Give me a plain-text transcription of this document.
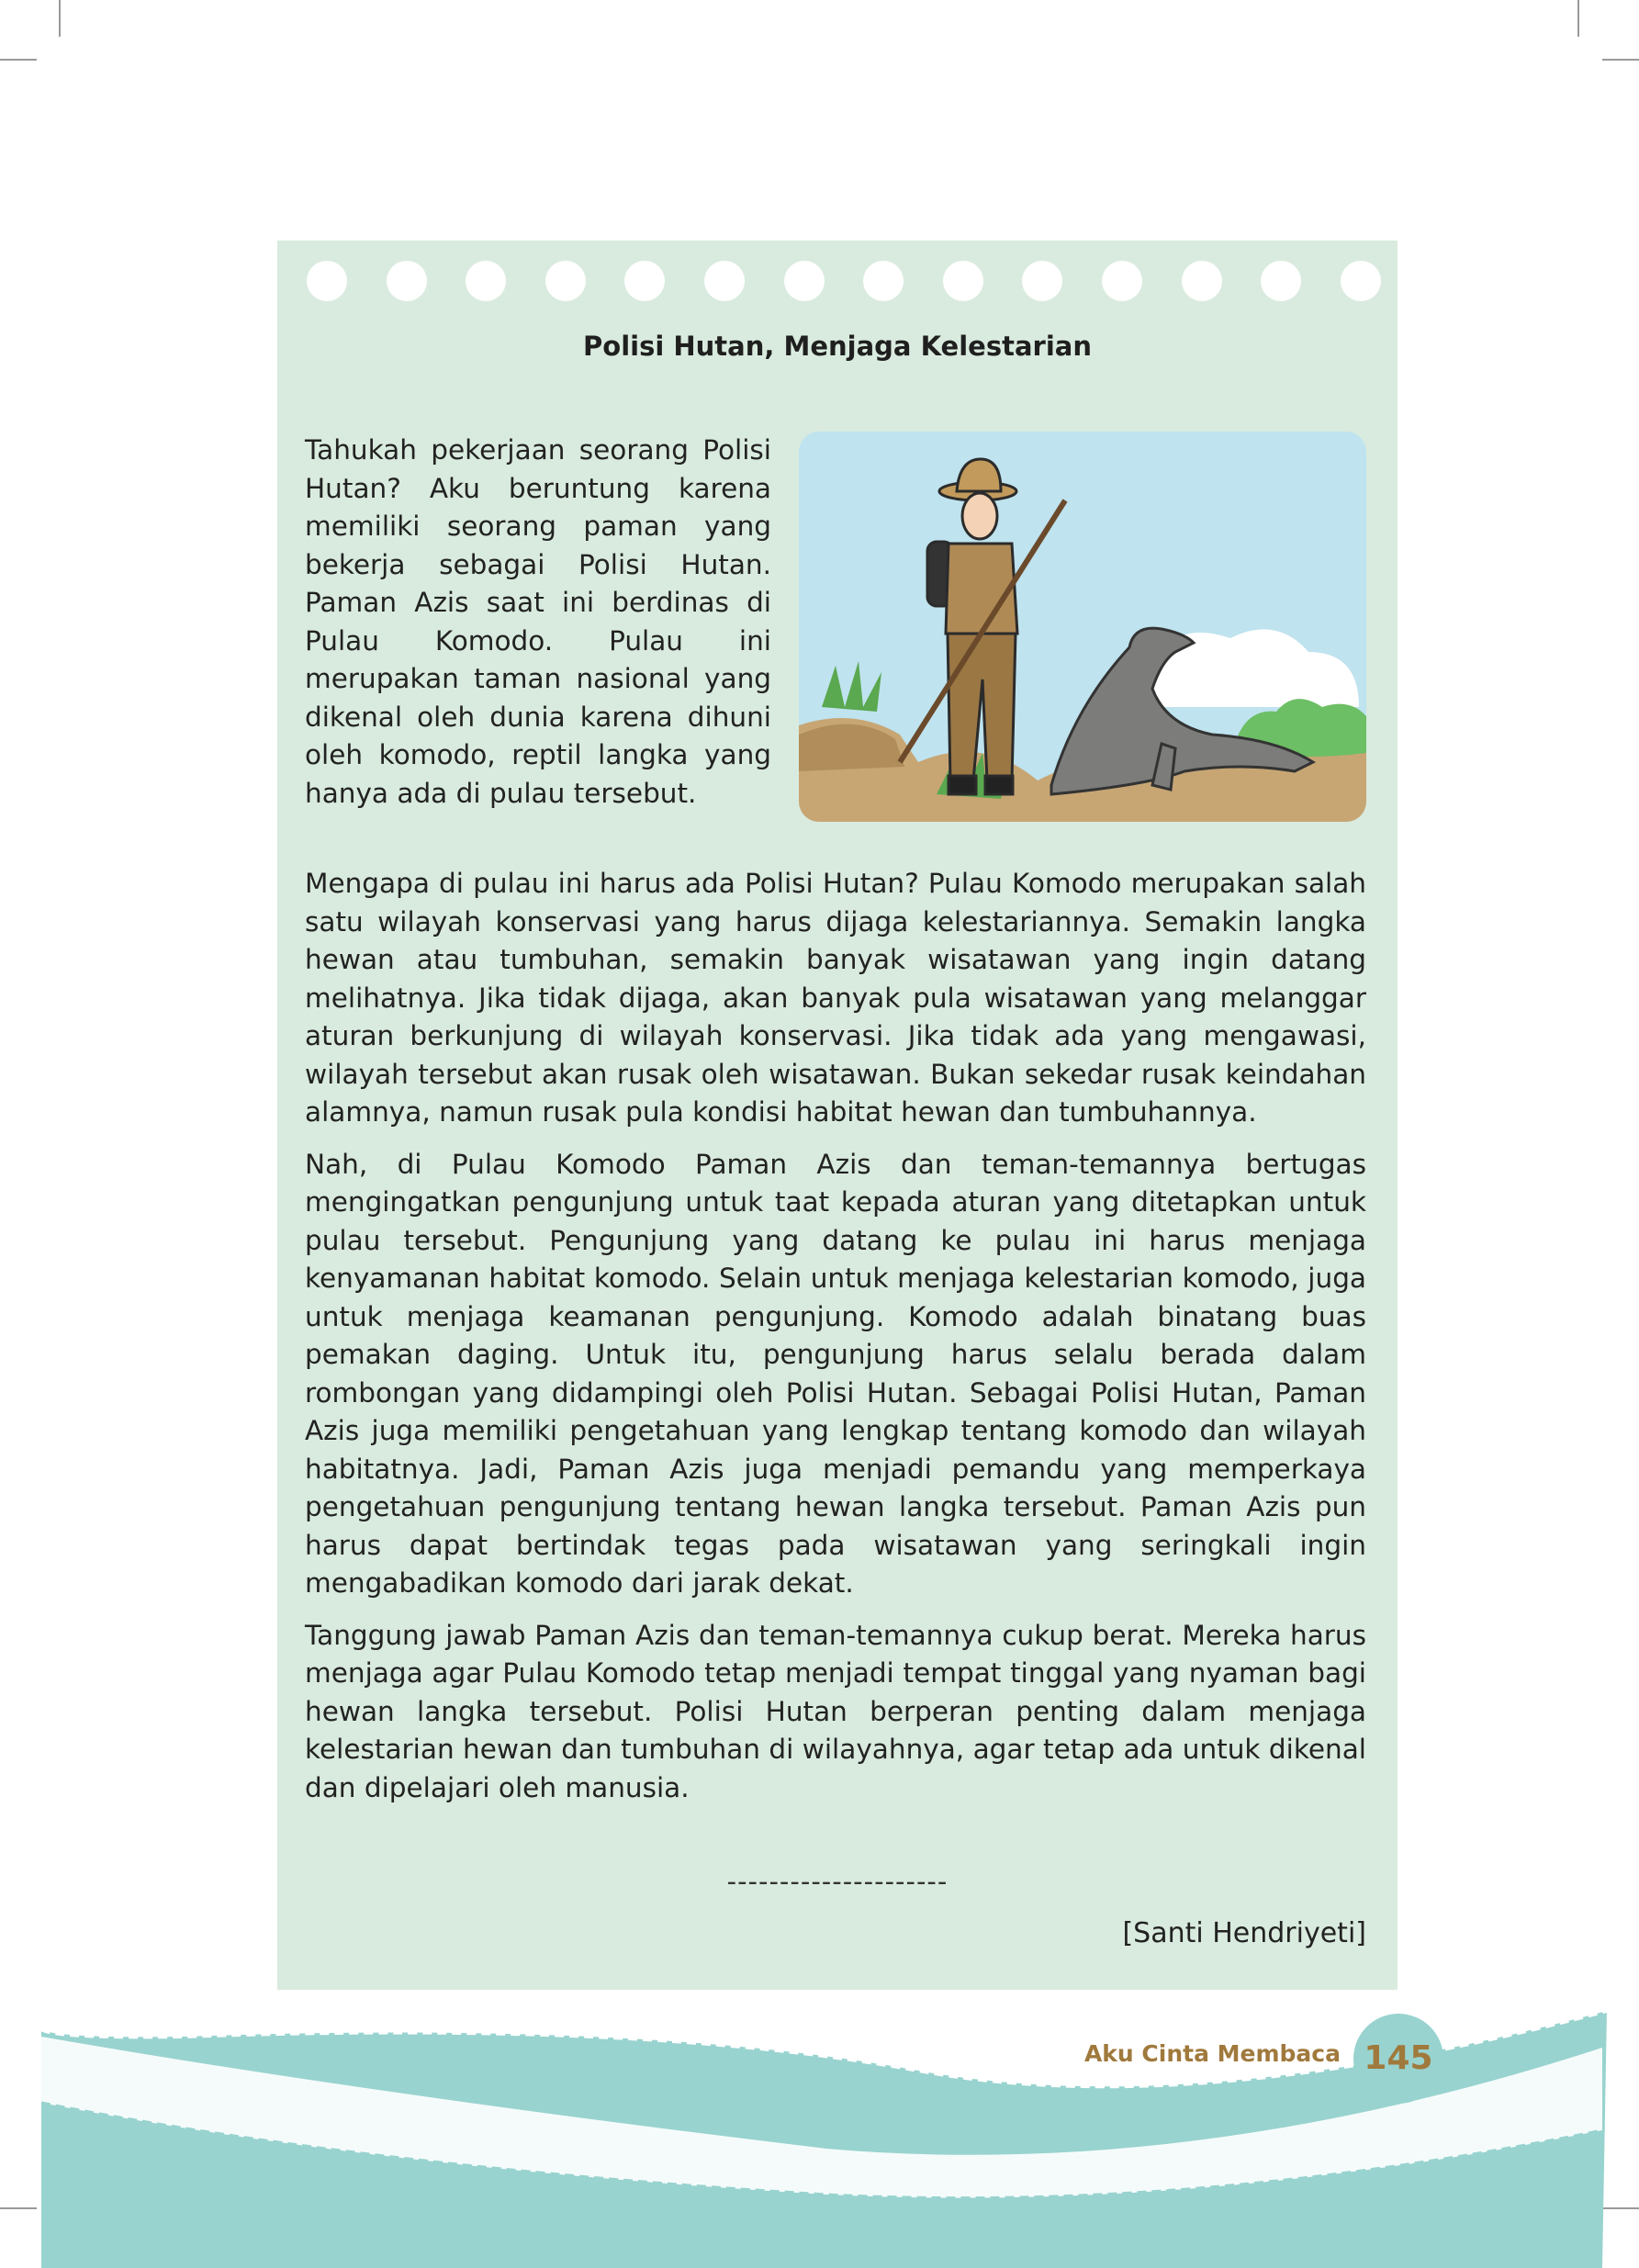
Polisi Hutan, Menjaga Kelestarian

Tahukah pekerjaan seorang Polisi Hutan? Aku beruntung karena memiliki seorang paman yang bekerja sebagai Polisi Hutan. Paman Azis saat ini berdinas di Pulau Komodo. Pulau ini merupakan taman nasional yang dikenal oleh dunia karena dihuni oleh komodo, reptil langka yang hanya ada di pulau tersebut.

Mengapa di pulau ini harus ada Polisi Hutan? Pulau Komodo merupakan salah satu wilayah konservasi yang harus dijaga kelestariannya. Semakin langka hewan atau tumbuhan, semakin banyak wisatawan yang ingin datang melihatnya. Jika tidak dijaga, akan banyak pula wisatawan yang melanggar aturan berkunjung di wilayah konservasi. Jika tidak ada yang mengawasi, wilayah tersebut akan rusak oleh wisatawan. Bukan sekedar rusak keindahan alamnya, namun rusak pula kondisi habitat hewan dan tumbuhannya.

Nah, di Pulau Komodo Paman Azis dan teman-temannya bertugas mengingatkan pengunjung untuk taat kepada aturan yang ditetapkan untuk pulau tersebut. Pengunjung yang datang ke pulau ini harus menjaga kenyamanan habitat komodo. Selain untuk menjaga kelestarian komodo, juga untuk menjaga keamanan pengunjung. Komodo adalah binatang buas pemakan daging. Untuk itu, pengunjung harus selalu berada dalam rombongan yang didampingi oleh Polisi Hutan. Sebagai Polisi Hutan, Paman Azis juga memiliki pengetahuan yang lengkap tentang komodo dan wilayah habitatnya. Jadi, Paman Azis juga menjadi pemandu yang memperkaya pengetahuan pengunjung tentang hewan langka tersebut. Paman Azis pun harus dapat bertindak tegas pada wisatawan yang seringkali ingin mengabadikan komodo dari jarak dekat.

Tanggung jawab Paman Azis dan teman-temannya cukup berat. Mereka harus menjaga agar Pulau Komodo tetap menjadi tempat tinggal yang nyaman bagi hewan langka tersebut. Polisi Hutan berperan penting dalam menjaga kelestarian hewan dan tumbuhan di wilayahnya, agar tetap ada untuk dikenal dan dipelajari oleh manusia.

---------------------
[Santi Hendriyeti]
Aku Cinta Membaca 145
